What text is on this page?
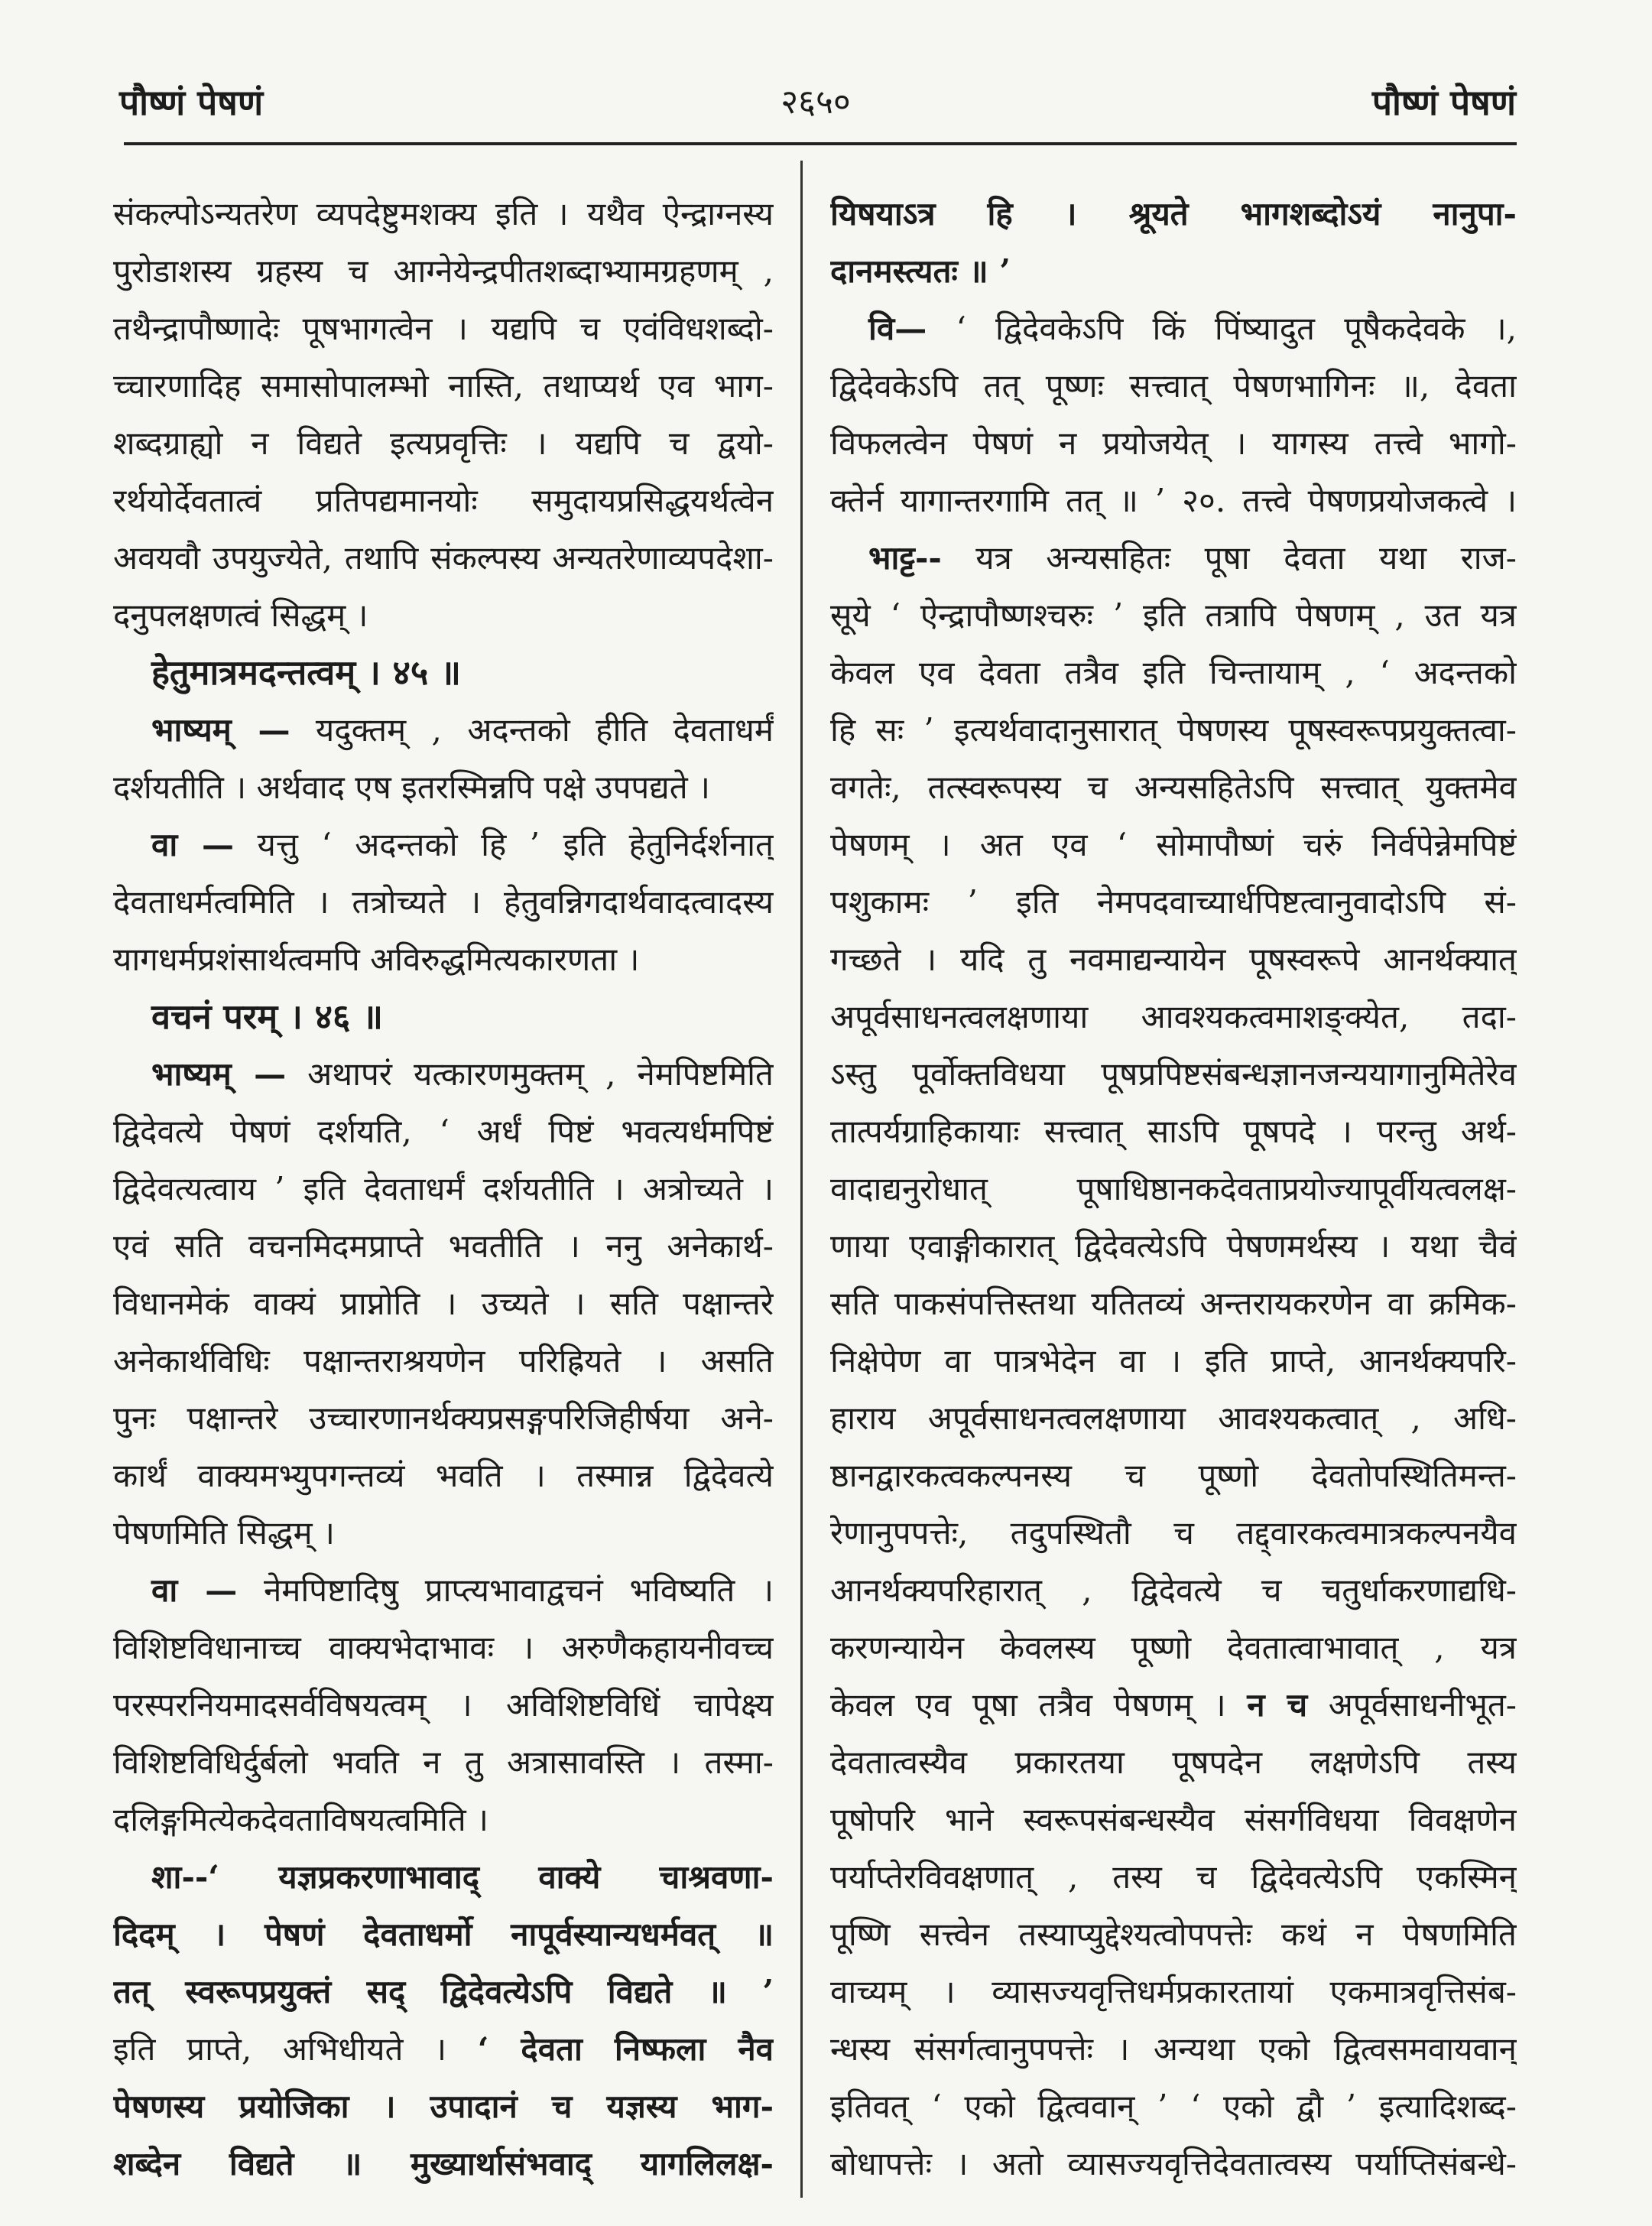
पौष्णं पेषणं	२६५०	पौष्णं पेषणं
संकल्पोऽन्यतरेण व्यपदेष्टुमशक्य इति । यथैव ऐन्द्राग्नस्य
पुरोडाशस्य ग्रहस्य च आग्नेयेन्द्रपीतशब्दाभ्यामग्रहणम् ,
तथैन्द्रापौष्णादेः पूषभागत्वेन । यद्यपि च एवंविधशब्दो-
च्चारणादिह समासोपालम्भो नास्ति, तथाप्यर्थ एव भाग-
शब्दग्राह्यो न विद्यते इत्यप्रवृत्तिः । यद्यपि च द्वयो-
रर्थयोर्देवतात्वं प्रतिपद्यमानयोः समुदायप्रसिद्धयर्थत्वेन
अवयवौ उपयुज्येते, तथापि संकल्पस्य अन्यतरेणाव्यपदेशा-
दनुपलक्षणत्वं सिद्धम् ।
हेतुमात्रमदन्तत्वम् । ४५ ॥
भाष्यम् — यदुक्तम् , अदन्तको हीति देवताधर्मं
दर्शयतीति । अर्थवाद एष इतरस्मिन्नपि पक्षे उपपद्यते ।
वा — यत्तु ‘ अदन्तको हि ’ इति हेतुनिर्दर्शनात्
देवताधर्मत्वमिति । तत्रोच्यते । हेतुवन्निगदार्थवादत्वादस्य
यागधर्मप्रशंसार्थत्वमपि अविरुद्धमित्यकारणता ।
वचनं परम् । ४६ ॥
भाष्यम् — अथापरं यत्कारणमुक्तम् , नेमपिष्टमिति
द्विदेवत्ये पेषणं दर्शयति, ‘ अर्धं पिष्टं भवत्यर्धमपिष्टं
द्विदेवत्यत्वाय ’ इति देवताधर्मं दर्शयतीति । अत्रोच्यते ।
एवं सति वचनमिदमप्राप्ते भवतीति । ननु अनेकार्थ-
विधानमेकं वाक्यं प्राप्नोति । उच्यते । सति पक्षान्तरे
अनेकार्थविधिः पक्षान्तराश्रयणेन परिह्रियते । असति
पुनः पक्षान्तरे उच्चारणानर्थक्यप्रसङ्गपरिजिहीर्षया अने-
कार्थं वाक्यमभ्युपगन्तव्यं भवति । तस्मान्न द्विदेवत्ये
पेषणमिति सिद्धम् ।
वा — नेमपिष्टादिषु प्राप्त्यभावाद्वचनं भविष्यति ।
विशिष्टविधानाच्च वाक्यभेदाभावः । अरुणैकहायनीवच्च
परस्परनियमादसर्वविषयत्वम् । अविशिष्टविधिं चापेक्ष्य
विशिष्टविधिर्दुर्बलो भवति न तु अत्रासावस्ति । तस्मा-
दलिङ्गमित्येकदेवताविषयत्वमिति ।
शा--‘ यज्ञप्रकरणाभावाद् वाक्ये चाश्रवणा-
दिदम् । पेषणं देवताधर्मो नापूर्वस्यान्यधर्मवत् ॥
तत् स्वरूपप्रयुक्तं सद् द्विदेवत्येऽपि विद्यते ॥ ’
इति प्राप्ते, अभिधीयते । ‘ देवता निष्फला नैव
पेषणस्य प्रयोजिका । उपादानं च यज्ञस्य भाग-
शब्देन विद्यते ॥ मुख्यार्थासंभवाद् यागलिलक्ष-
यिषयाऽत्र हि । श्रूयते भागशब्दोऽयं नानुपा-
दानमस्त्यतः ॥ ’
वि— ‘ द्विदेवकेऽपि किं पिंष्यादुत पूषैकदेवके ।,
द्विदेवकेऽपि तत् पूष्णः सत्त्वात् पेषणभागिनः ॥, देवता
विफलत्वेन पेषणं न प्रयोजयेत् । यागस्य तत्त्वे भागो-
क्तेर्न यागान्तरगामि तत् ॥ ’ २०. तत्त्वे पेषणप्रयोजकत्वे ।
भाट्ट-- यत्र अन्यसहितः पूषा देवता यथा राज-
सूये ‘ ऐन्द्रापौष्णश्चरुः ’ इति तत्रापि पेषणम् , उत यत्र
केवल एव देवता तत्रैव इति चिन्तायाम् , ‘ अदन्तको
हि सः ’ इत्यर्थवादानुसारात् पेषणस्य पूषस्वरूपप्रयुक्तत्वा-
वगतेः, तत्स्वरूपस्य च अन्यसहितेऽपि सत्त्वात् युक्तमेव
पेषणम् । अत एव ‘ सोमापौष्णं चरुं निर्वपेन्नेमपिष्टं
पशुकामः ’ इति नेमपदवाच्यार्धपिष्टत्वानुवादोऽपि सं-
गच्छते । यदि तु नवमाद्यन्यायेन पूषस्वरूपे आनर्थक्यात्
अपूर्वसाधनत्वलक्षणाया आवश्यकत्वमाशङ्क्येत, तदा-
ऽस्तु पूर्वोक्तविधया पूषप्रपिष्टसंबन्धज्ञानजन्ययागानुमितेरेव
तात्पर्यग्राहिकायाः सत्त्वात् साऽपि पूषपदे । परन्तु अर्थ-
वादाद्यनुरोधात् पूषाधिष्ठानकदेवताप्रयोज्यापूर्वीयत्वलक्ष-
णाया एवाङ्गीकारात् द्विदेवत्येऽपि पेषणमर्थस्य । यथा चैवं
सति पाकसंपत्तिस्तथा यतितव्यं अन्तरायकरणेन वा क्रमिक-
निक्षेपेण वा पात्रभेदेन वा । इति प्राप्ते, आनर्थक्यपरि-
हाराय अपूर्वसाधनत्वलक्षणाया आवश्यकत्वात् , अधि-
ष्ठानद्वारकत्वकल्पनस्य च पूष्णो देवतोपस्थितिमन्त-
रेणानुपपत्तेः, तदुपस्थितौ च तद्द्वारकत्वमात्रकल्पनयैव
आनर्थक्यपरिहारात् , द्विदेवत्ये च चतुर्धाकरणाद्यधि-
करणन्यायेन केवलस्य पूष्णो देवतात्वाभावात् , यत्र
केवल एव पूषा तत्रैव पेषणम् । न च अपूर्वसाधनीभूत-
देवतात्वस्यैव प्रकारतया पूषपदेन लक्षणेऽपि तस्य
पूषोपरि भाने स्वरूपसंबन्धस्यैव संसर्गविधया विवक्षणेन
पर्याप्तेरविवक्षणात् , तस्य च द्विदेवत्येऽपि एकस्मिन्
पूष्णि सत्त्वेन तस्याप्युद्देश्यत्वोपपत्तेः कथं न पेषणमिति
वाच्यम् । व्यासज्यवृत्तिधर्मप्रकारतायां एकमात्रवृत्तिसंब-
न्धस्य संसर्गत्वानुपपत्तेः । अन्यथा एको द्वित्वसमवायवान्
इतिवत् ‘ एको द्वित्ववान् ’ ‘ एको द्वौ ’ इत्यादिशब्द-
बोधापत्तेः । अतो व्यासज्यवृत्तिदेवतात्वस्य पर्याप्तिसंबन्धे-
